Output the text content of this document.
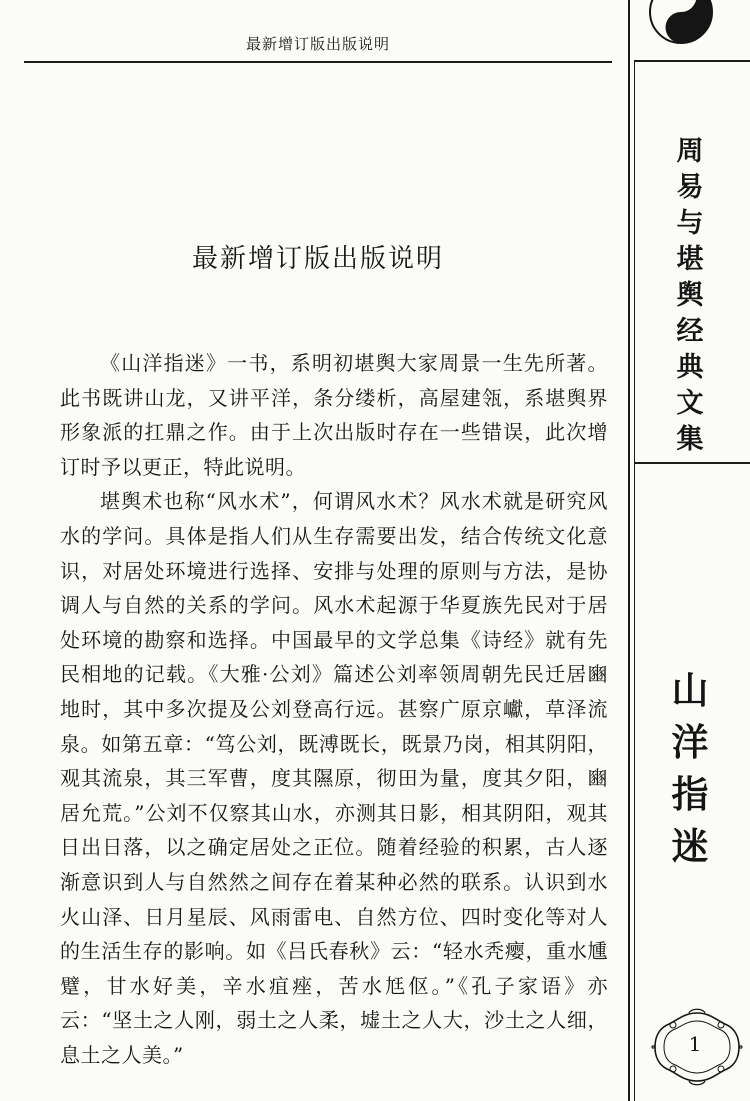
最新增订版出版说明
最新增订版出版说明

《山洋指迷》一书，系明初堪舆大家周景一生先所著。此书既讲山龙，又讲平洋，条分缕析，高屋建瓴，系堪舆界形象派的扛鼎之作。由于上次出版时存在一些错误，此次增订时予以更正，特此说明。

堪舆术也称“风水术”，何谓风水术？风水术就是研究风水的学问。具体是指人们从生存需要出发，结合传统文化意识，对居处环境进行选择、安排与处理的原则与方法，是协调人与自然的关系的学问。风水术起源于华夏族先民对于居处环境的勘察和选择。中国最早的文学总集《诗经》就有先民相地的记载。《大雅·公刘》篇述公刘率领周朝先民迁居豳地时，其中多次提及公刘登高行远。甚察广原京巘，草泽流泉。如第五章：“笃公刘，既溥既长，既景乃岗，相其阴阳，观其流泉，其三军曹，度其隰原，彻田为量，度其夕阳，豳居允荒。”公刘不仅察其山水，亦测其日影，相其阴阳，观其日出日落，以之确定居处之正位。随着经验的积累，古人逐渐意识到人与自然然之间存在着某种必然的联系。认识到水火山泽、日月星辰、风雨雷电、自然方位、四时变化等对人的生活生存的影响。如《吕氏春秋》云：“轻水秃瘿，重水尰躄，甘水好美，辛水疽痤，苦水尪伛。”《孔子家语》亦云：“坚土之人刚，弱土之人柔，墟土之人大，沙土之人细，息土之人美。”

周
易
与
堪
舆
经
典
文
集
山
洋
指
迷
1
